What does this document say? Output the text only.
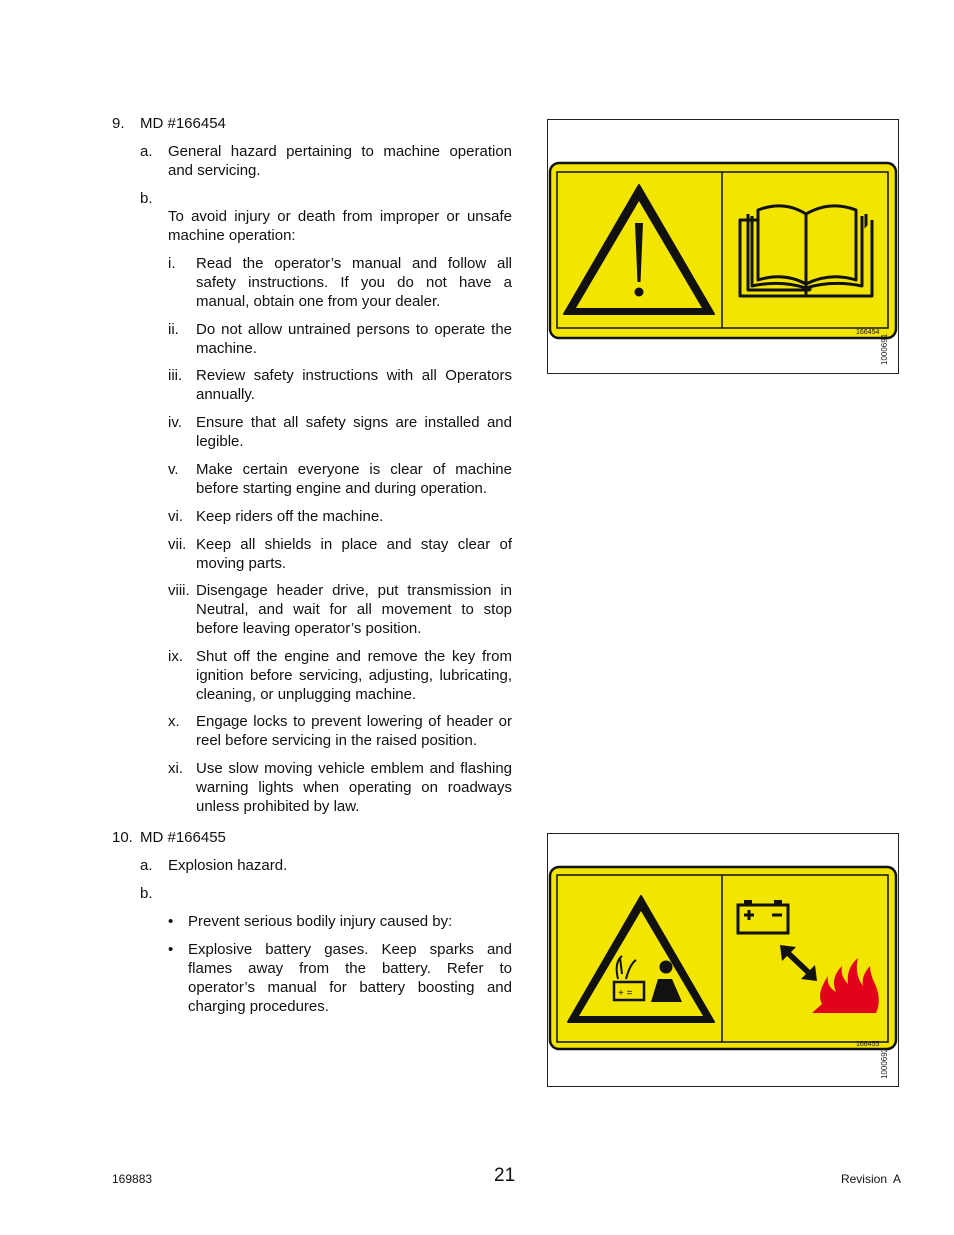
9. MD #166454
a. General hazard pertaining to machine operation and servicing.
b.
To avoid injury or death from improper or unsafe machine operation:
i. Read the operator’s manual and follow all safety instructions. If you do not have a manual, obtain one from your dealer.
ii. Do not allow untrained persons to operate the machine.
iii. Review safety instructions with all Operators annually.
iv. Ensure that all safety signs are installed and legible.
v. Make certain everyone is clear of machine before starting engine and during operation.
vi. Keep riders off the machine.
vii. Keep all shields in place and stay clear of moving parts.
viii. Disengage header drive, put transmission in Neutral, and wait for all movement to stop before leaving operator’s position.
ix. Shut off the engine and remove the key from ignition before servicing, adjusting, lubricating, cleaning, or unplugging machine.
x. Engage locks to prevent lowering of header or reel before servicing in the raised position.
xi. Use slow moving vehicle emblem and flashing warning lights when operating on roadways unless prohibited by law.
10. MD #166455
a. Explosion hazard.
b.
• Prevent serious bodily injury caused by:
• Explosive battery gases. Keep sparks and flames away from the battery. Refer to operator’s manual for battery boosting and charging procedures.
166454
1000691
+ =
166455
1000692
169883	21	Revision  A
